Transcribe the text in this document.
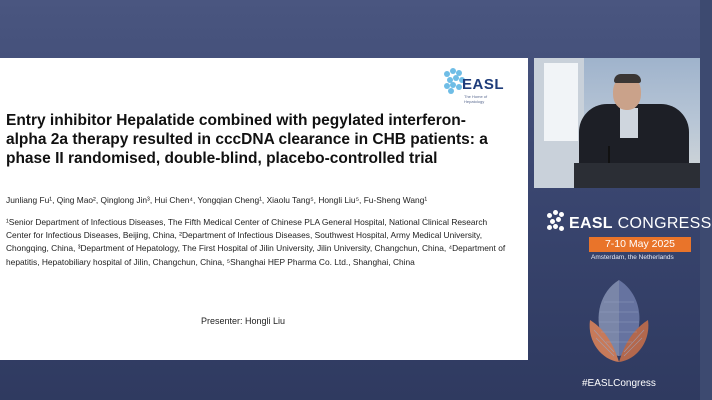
EASL
The Home of Hepatology
Entry inhibitor Hepalatide combined with pegylated interferon-alpha 2a therapy resulted in cccDNA clearance in CHB patients: a phase II randomised, double-blind, placebo-controlled trial
Junliang Fu¹, Qing Mao², Qinglong Jin³, Hui Chen⁴, Yongqian Cheng¹, Xiaolu Tang⁵, Hongli Liu⁵, Fu-Sheng Wang¹
¹Senior Department of Infectious Diseases, The Fifth Medical Center of Chinese PLA General Hospital, National Clinical Research Center for Infectious Diseases, Beijing, China, ²Department of Infectious Diseases, Southwest Hospital, Army Medical University, Chongqing, China, ³Department of Hepatology, The First Hospital of Jilin University, Jilin University, Changchun, China, ⁴Department of hepatitis, Hepatobiliary hospital of Jilin, Changchun, China, ⁵Shanghai HEP Pharma Co. Ltd., Shanghai, China
Presenter: Hongli Liu
EASL CONGRESS
7-10 May 2025
Amsterdam, the Netherlands
#EASLCongress
